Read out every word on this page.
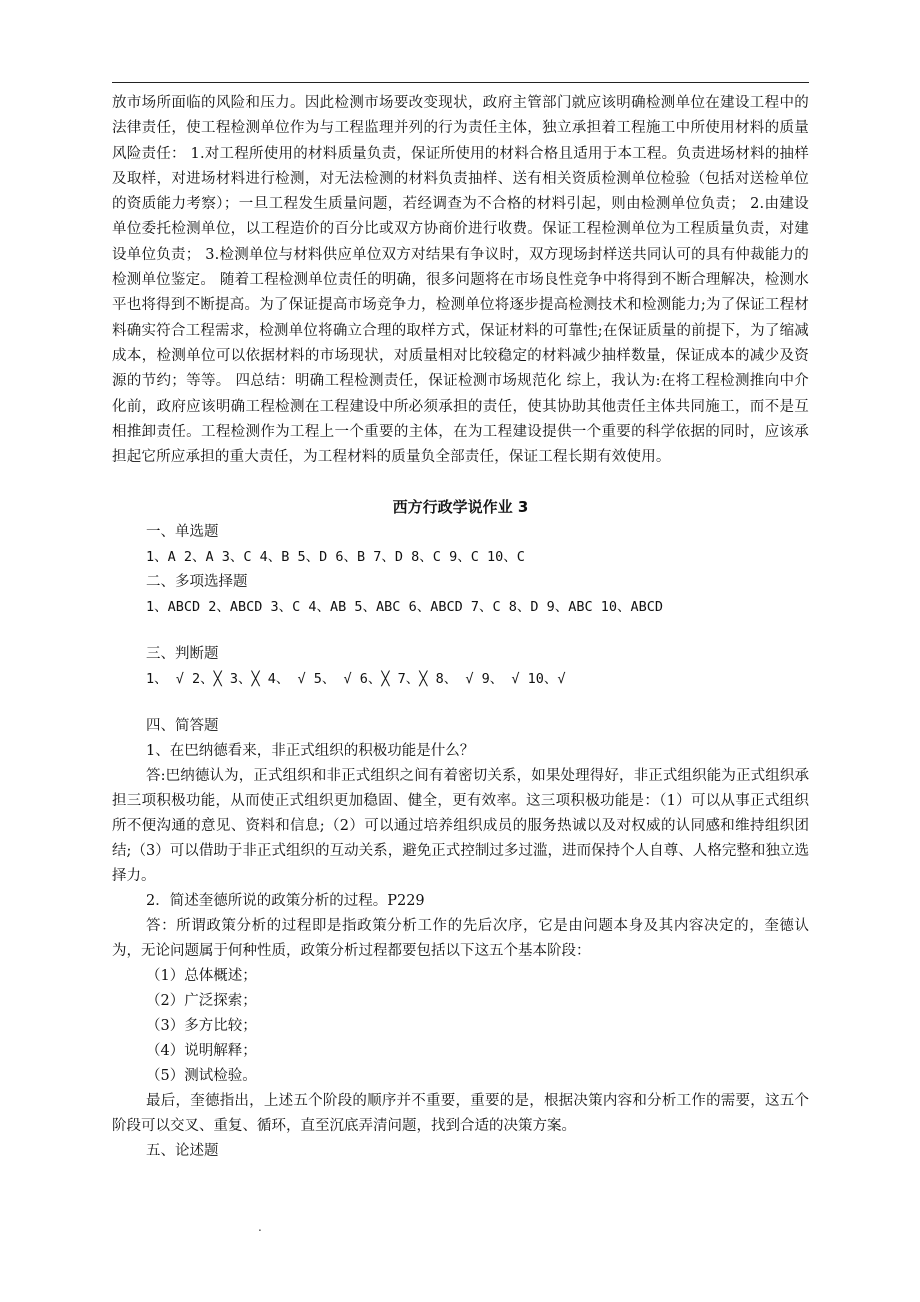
放市场所面临的风险和压力。因此检测市场要改变现状，政府主管部门就应该明确检测单位在建设工程中的法律责任，使工程检测单位作为与工程监理并列的行为责任主体，独立承担着工程施工中所使用材料的质量风险责任： 1.对工程所使用的材料质量负责，保证所使用的材料合格且适用于本工程。负责进场材料的抽样及取样，对进场材料进行检测，对无法检测的材料负责抽样、送有相关资质检测单位检验（包括对送检单位的资质能力考察）；一旦工程发生质量问题，若经调查为不合格的材料引起，则由检测单位负责； 2.由建设单位委托检测单位，以工程造价的百分比或双方协商价进行收费。保证工程检测单位为工程质量负责，对建设单位负责； 3.检测单位与材料供应单位双方对结果有争议时，双方现场封样送共同认可的具有仲裁能力的检测单位鉴定。 随着工程检测单位责任的明确，很多问题将在市场良性竞争中将得到不断合理解决，检测水平也将得到不断提高。为了保证提高市场竞争力，检测单位将逐步提高检测技术和检测能力;为了保证工程材料确实符合工程需求，检测单位将确立合理的取样方式，保证材料的可靠性;在保证质量的前提下，为了缩减成本，检测单位可以依据材料的市场现状，对质量相对比较稳定的材料减少抽样数量，保证成本的减少及资源的节约；等等。 四总结：明确工程检测责任，保证检测市场规范化 综上，我认为:在将工程检测推向中介化前，政府应该明确工程检测在工程建设中所必须承担的责任，使其协助其他责任主体共同施工，而不是互相推卸责任。工程检测作为工程上一个重要的主体，在为工程建设提供一个重要的科学依据的同时，应该承担起它所应承担的重大责任，为工程材料的质量负全部责任，保证工程长期有效使用。

西方行政学说作业 3
一、单选题
1、A 2、A 3、C 4、B 5、D 6、B 7、D 8、C 9、C 10、C
二、多项选择题
1、ABCD 2、ABCD 3、C 4、AB 5、ABC 6、ABCD 7、C 8、D 9、ABC 10、ABCD
三、判断题
1、 √ 2、╳ 3、╳ 4、 √ 5、 √ 6、╳ 7、╳ 8、 √ 9、 √ 10、√
四、简答题
1、在巴纳德看来，非正式组织的积极功能是什么？

答:巴纳德认为，正式组织和非正式组织之间有着密切关系，如果处理得好，非正式组织能为正式组织承担三项积极功能，从而使正式组织更加稳固、健全，更有效率。这三项积极功能是：（1）可以从事正式组织所不便沟通的意见、资料和信息;（2）可以通过培养组织成员的服务热诚以及对权威的认同感和维持组织团结;（3）可以借助于非正式组织的互动关系，避免正式控制过多过滥，进而保持个人自尊、人格完整和独立选择力。

2．简述奎德所说的政策分析的过程。P229

答：所谓政策分析的过程即是指政策分析工作的先后次序，它是由问题本身及其内容决定的，奎德认为，无论问题属于何种性质，政策分析过程都要包括以下这五个基本阶段：

（1）总体概述；
（2）广泛探索；
（3）多方比较；
（4）说明解释；
（5）测试检验。

最后，奎德指出，上述五个阶段的顺序并不重要，重要的是，根据决策内容和分析工作的需要，这五个阶段可以交叉、重复、循环，直至沉底弄清问题，找到合适的决策方案。

五、论述题
.
